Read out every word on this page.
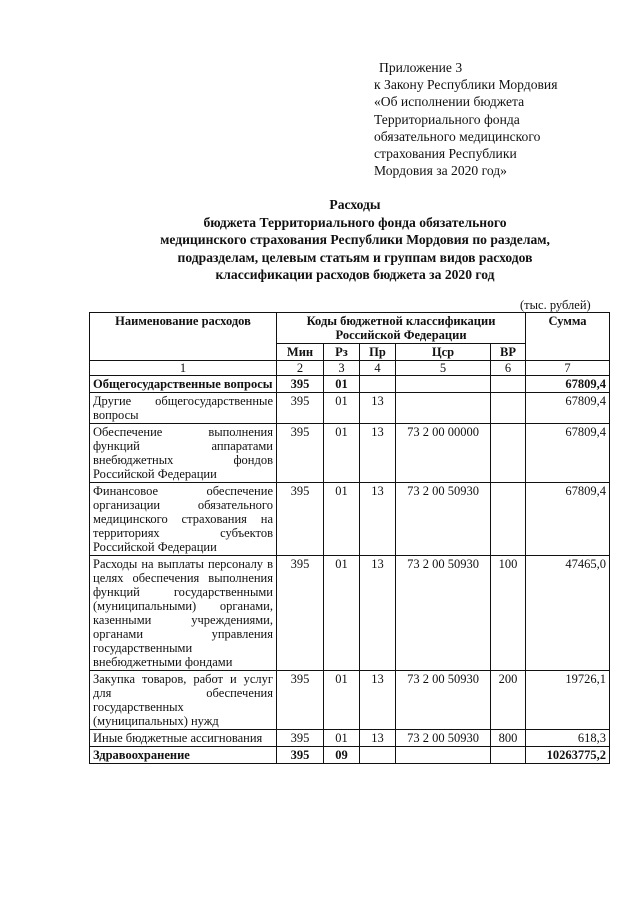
Приложение 3
к Закону Республики Мордовия
«Об исполнении бюджета
Территориального фонда
обязательного медицинского
страхования Республики
Мордовия за 2020 год»
Расходы
бюджета Территориального фонда обязательного
медицинского страхования Республики Мордовия по разделам,
подразделам, целевым статьям и группам видов расходов
классификации расходов бюджета за 2020 год
(тыс. рублей)
Наименование расходов	Коды бюджетной классификации Российской Федерации					Сумма
	Мин	Рз	Пр	Цср	ВР	
1	2	3	4	5	6	7
Общегосударственные вопросы	395	01				67809,4
Другие общегосударственные вопросы	395	01	13			67809,4
Обеспечение выполнения функций аппаратами внебюджетных фондов Российской Федерации	395	01	13	73 2 00 00000		67809,4
Финансовое обеспечение организации обязательного медицинского страхования на территориях субъектов Российской Федерации	395	01	13	73 2 00 50930		67809,4
Расходы на выплаты персоналу в целях обеспечения выполнения функций государственными (муниципальными) органами, казенными учреждениями, органами управления государственными внебюджетными фондами	395	01	13	73 2 00 50930	100	47465,0
Закупка товаров, работ и услуг для обеспечения государственных (муниципальных) нужд	395	01	13	73 2 00 50930	200	19726,1
Иные бюджетные ассигнования	395	01	13	73 2 00 50930	800	618,3
Здравоохранение	395	09				10263775,2
